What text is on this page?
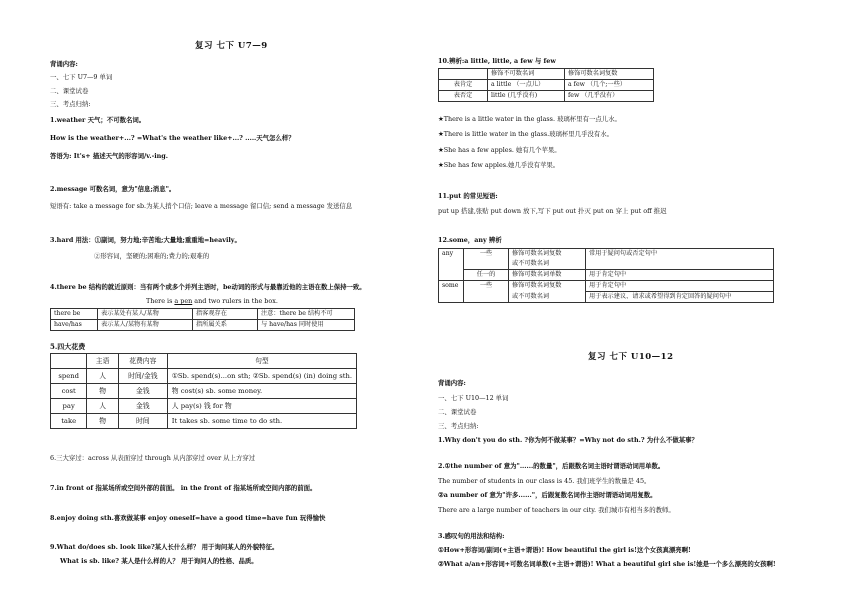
复习 七下 U7—9
背诵内容:
一、七下 U7—9 单词
二、课堂试卷
三、考点归纳:
1.weather 天气；不可数名词。
How is the weather+...? =What's the weather like+...? .....天气怎么样？
答语为: It's+ 描述天气的形容词/v.-ing.
2.message 可数名词，意为"信息;消息"。
短语有: take a message for sb.为某人捎个口信; leave a message 留口信; send a message 发送信息
3.hard 用法：①副词，努力地;辛苦地;大量地;重重地=heavily。
②形容词，坚硬的;困难的;费力的;艰难的
4.there be 结构的就近原则：当有两个或多个并列主语时，be动词的形式与最靠近他的主语在数上保持一致。
There is a pen and two rulers in the box.
there be	表示某处有某人/某物	指客观存在	注意：there be 结构不可
have/has	表示某人/某物有某物	指所属关系	与 have/has 同时使用
5.四大花费
	主语	花费内容	句型
spend	人	时间/金钱	①Sb. spend(s)...on sth; ②Sb. spend(s) (in) doing sth.
cost	物	金钱	物 cost(s) sb. some money.
pay	人	金钱	人 pay(s) 钱 for 物
take	物	时间	It takes sb. some time to do sth.
6.三大穿过：across 从表面穿过 through 从内部穿过 over 从上方穿过
7.in front of 指某场所或空间外部的前面。 in the front of 指某场所或空间内部的前面。
8.enjoy doing sth.喜欢做某事 enjoy oneself=have a good time=have fun 玩得愉快
9.What do/does sb. look like?某人长什么样？ 用于询问某人的外貌特征。
What is sb. like? 某人是什么样的人？ 用于询问人的性格、品质。
10.辨析:a little, little, a few 与 few
	修饰不可数名词	修饰可数名词复数
表肯定	a little （一点儿）	a few （几个;一些）
表否定	little (几乎没有)	few （几乎没有）
★There is a little water in the glass. 玻璃杯里有一点儿水。
★There is little water in the glass.玻璃杯里几乎没有水。
★She has a few apples. 她有几个苹果。
★She has few apples.她几乎没有苹果。
11.put 的常见短语:
put up 搭建,张贴 put down 放下,写下 put out 扑灭 put on 穿上 put off 推迟
12.some，any 辨析
any	一些	修饰可数名词复数	常用于疑问句或否定句中
		或不可数名词	
	任一的	修饰可数名词单数	用于肯定句中
some	一些	修饰可数名词复数	用于肯定句中
		或不可数名词	用于表示建议、请求或希望得到肯定回答的疑问句中
复习 七下 U10—12
背诵内容:
一、七下 U10—12 单词
二、课堂试卷
三、考点归纳:
1.Why don't you do sth. ?你为何不做某事？=Why not do sth.? 为什么不做某事？
2.①the number of 意为"......的数量"，后跟数名词主语时谓语动词用单数。
The number of students in our class is 45. 我们班学生的数量是 45。
②a number of 意为"许多......"，后跟复数名词作主语时谓语动词用复数。
There are a large number of teachers in our city. 我们城市有相当多的教师。
3.感叹句的用法和结构:
①How+形容词/副词(+主语+谓语)! How beautiful the girl is!这个女孩真漂亮啊!
②What a/an+形容词+可数名词单数(+主语+谓语)! What a beautiful girl she is!她是一个多么漂亮的女孩啊!
